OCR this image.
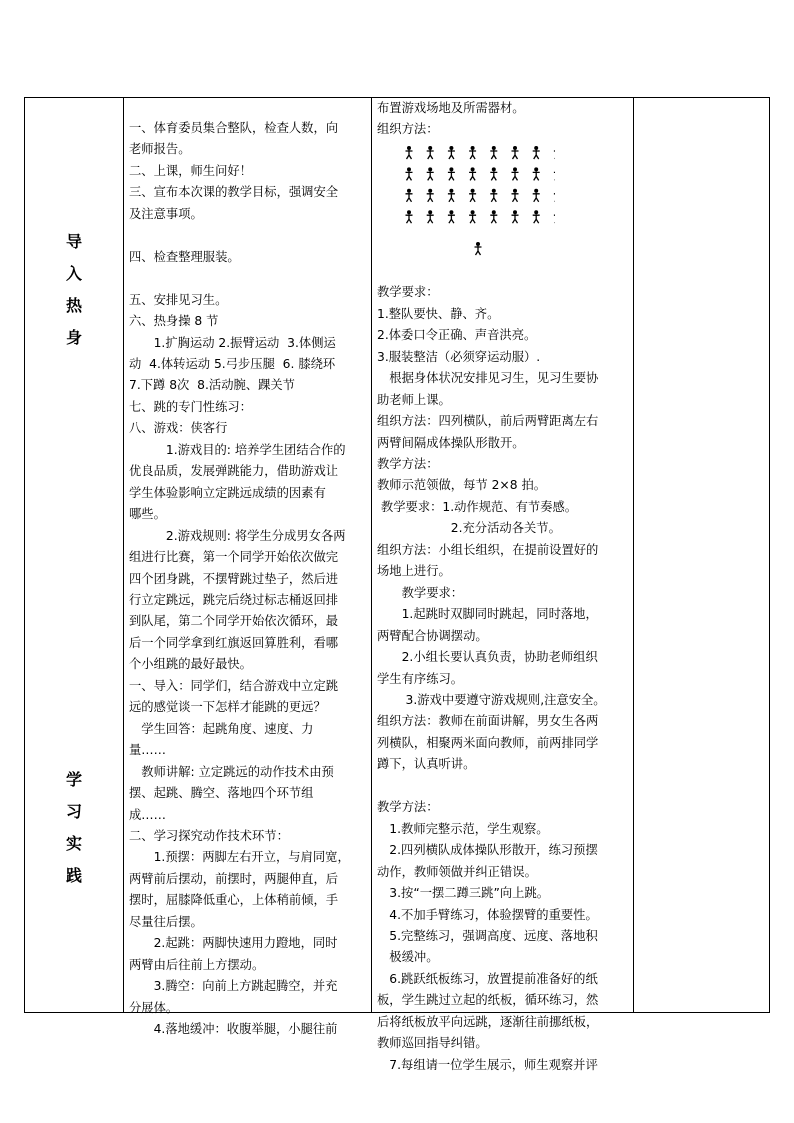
导
入
热
身
学
习
实
践

一、体育委员集合整队，检查人数，向

老师报告。

二、上课，师生问好！

三、宣布本次课的教学目标，强调安全

及注意事项。

四、检查整理服装。

五、安排见习生。

六、热身操 8 节

　　1.扩胸运动 2.振臂运动  3.体侧运

动  4.体转运动 5.弓步压腿  6. 膝绕环

7.下蹲 8次  8.活动腕、踝关节

七、跳的专门性练习：

八、游戏：侠客行

　　　1.游戏目的: 培养学生团结合作的

优良品质，发展弹跳能力，借助游戏让

学生体验影响立定跳远成绩的因素有

哪些。

　　　2.游戏规则: 将学生分成男女各两

组进行比赛，第一个同学开始依次做完

四个团身跳，不摆臂跳过垫子，然后进

行立定跳远，跳完后绕过标志桶返回排

到队尾，第二个同学开始依次循环，最

后一个同学拿到红旗返回算胜利，看哪

个小组跳的最好最快。

一、导入：同学们，结合游戏中立定跳

远的感觉谈一下怎样才能跳的更远？

　学生回答：起跳角度、速度、力

量……

　教师讲解: 立定跳远的动作技术由预

摆、起跳、腾空、落地四个环节组

成……

二、学习探究动作技术环节：

　　1.预摆：两脚左右开立，与肩同宽，

两臂前后摆动，前摆时，两腿伸直，后

摆时，屈膝降低重心，上体稍前倾，手

尽量往后摆。

　　2.起跳：两脚快速用力蹬地，同时

两臂由后往前上方摆动。

　　3.腾空：向前上方跳起腾空，并充

分展体。

　　4.落地缓冲：收腹举腿，小腿往前

布置游戏场地及所需器材。

组织方法：

教学要求：

1.整队要快、静、齐。

2.体委口令正确、声音洪亮。

3.服装整洁（必须穿运动服）.

　根据身体状况安排见习生，见习生要协

助老师上课。

组织方法：四列横队，前后两臂距离左右

两臂间隔成体操队形散开。

教学方法：

教师示范领做，每节 2×8 拍。

教学要求：1.动作规范、有节奏感。

　　　　　　2.充分活动各关节。

组织方法：小组长组织，在提前设置好的

场地上进行。

　　教学要求：

　　1.起跳时双脚同时跳起，同时落地，

两臂配合协调摆动。

　　2.小组长要认真负责，协助老师组织

学生有序练习。

　　 3.游戏中要遵守游戏规则,注意安全。

组织方法：教师在前面讲解，男女生各两

列横队，相聚两米面向教师，前两排同学

蹲下，认真听讲。

教学方法：

　1.教师完整示范，学生观察。

　2.四列横队成体操队形散开，练习预摆

动作，教师领做并纠正错误。

　3.按“一摆二蹲三跳”向上跳。

　4.不加手臂练习，体验摆臂的重要性。

　5.完整练习，强调高度、远度、落地积

　极缓冲。

　6.跳跃纸板练习，放置提前准备好的纸

板，学生跳过立起的纸板，循环练习，然

后将纸板放平向远跳，逐渐往前挪纸板，

教师巡回指导纠错。

　7.每组请一位学生展示，师生观察并评
